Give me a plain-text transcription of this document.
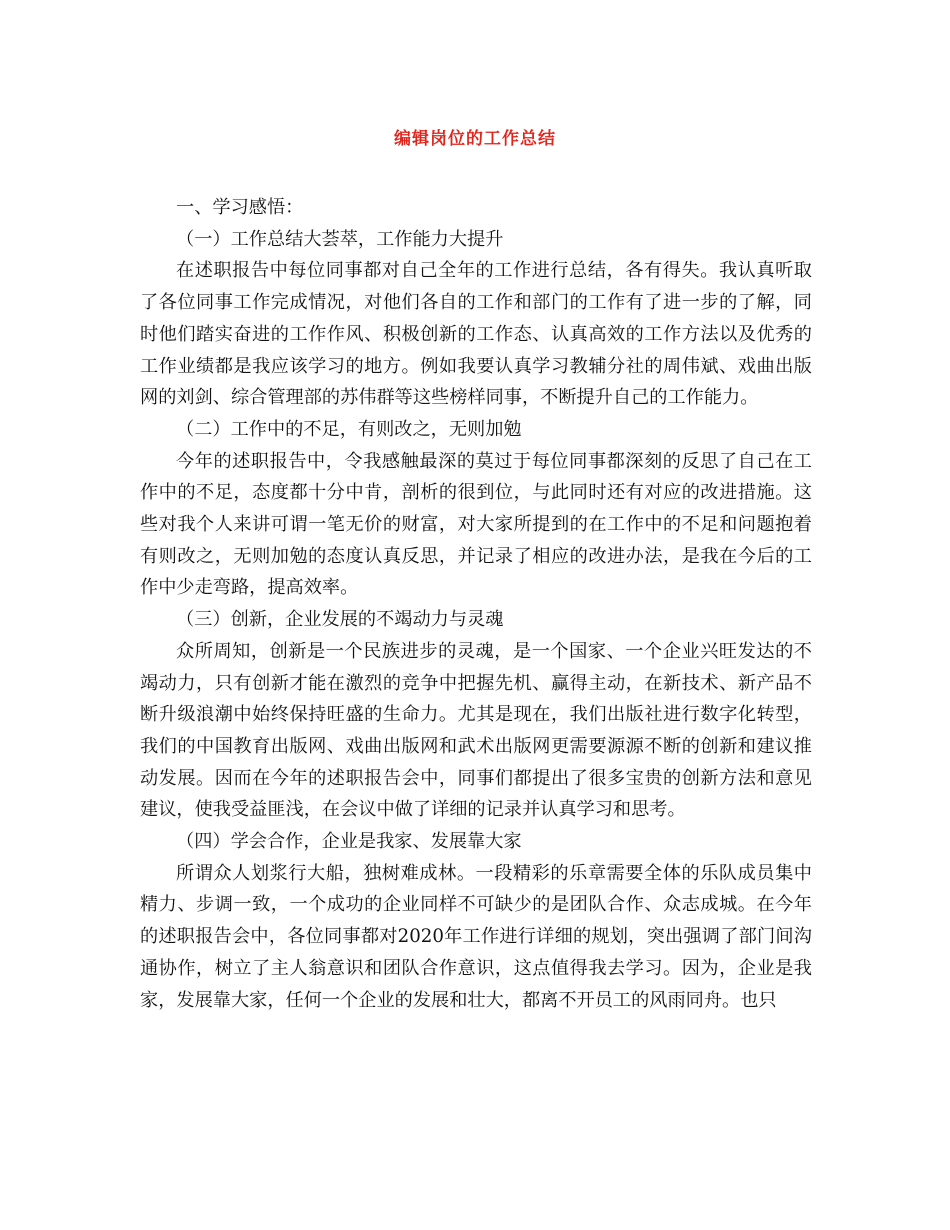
编辑岗位的工作总结

一、学习感悟：

（一）工作总结大荟萃，工作能力大提升

在述职报告中每位同事都对自己全年的工作进行总结，各有得失。我认真听取了各位同事工作完成情况，对他们各自的工作和部门的工作有了进一步的了解，同时他们踏实奋进的工作作风、积极创新的工作态、认真高效的工作方法以及优秀的工作业绩都是我应该学习的地方。例如我要认真学习教辅分社的周伟斌、戏曲出版网的刘剑、综合管理部的苏伟群等这些榜样同事，不断提升自己的工作能力。

（二）工作中的不足，有则改之，无则加勉

今年的述职报告中，令我感触最深的莫过于每位同事都深刻的反思了自己在工作中的不足，态度都十分中肯，剖析的很到位，与此同时还有对应的改进措施。这些对我个人来讲可谓一笔无价的财富，对大家所提到的在工作中的不足和问题抱着有则改之，无则加勉的态度认真反思，并记录了相应的改进办法，是我在今后的工作中少走弯路，提高效率。

（三）创新，企业发展的不竭动力与灵魂

众所周知，创新是一个民族进步的灵魂，是一个国家、一个企业兴旺发达的不竭动力，只有创新才能在激烈的竞争中把握先机、赢得主动，在新技术、新产品不断升级浪潮中始终保持旺盛的生命力。尤其是现在，我们出版社进行数字化转型，我们的中国教育出版网、戏曲出版网和武术出版网更需要源源不断的创新和建议推动发展。因而在今年的述职报告会中，同事们都提出了很多宝贵的创新方法和意见建议，使我受益匪浅，在会议中做了详细的记录并认真学习和思考。

（四）学会合作，企业是我家、发展靠大家

所谓众人划浆行大船，独树难成林。一段精彩的乐章需要全体的乐队成员集中精力、步调一致，一个成功的企业同样不可缺少的是团队合作、众志成城。在今年的述职报告会中，各位同事都对2020年工作进行详细的规划，突出强调了部门间沟通协作，树立了主人翁意识和团队合作意识，这点值得我去学习。因为，企业是我家，发展靠大家，任何一个企业的发展和壮大，都离不开员工的风雨同舟。也只
